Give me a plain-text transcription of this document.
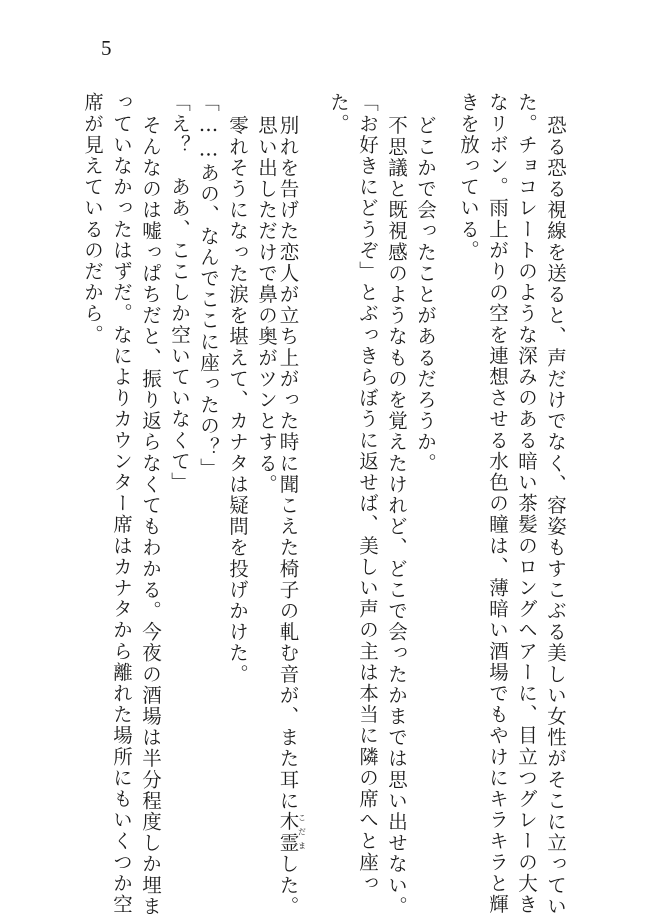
5
恐る恐る視線を送ると、声だけでなく、容姿もすこぶる美しい女性がそこに立ってい
た。チョコレートのような深みのある暗い茶髪のロングヘアーに、目立つグレーの大き
なリボン。雨上がりの空を連想させる水色の瞳は、薄暗い酒場でもやけにキラキラと輝
きを放っている。
どこかで会ったことがあるだろうか。
不思議と既視感のようなものを覚えたけれど、どこで会ったかまでは思い出せない。
「お好きにどうぞ」とぶっきらぼうに返せば、美しい声の主は本当に隣の席へと座っ
た。
別れを告げた恋人が立ち上がった時に聞こえた椅子の軋む音が、また耳に木霊こだました。
思い出しただけで鼻の奥がツンとする。
零れそうになった涙を堪えて、カナタは疑問を投げかけた。
「……あの、なんでここに座ったの？」
「え？　ああ、ここしか空いていなくて」
そんなのは嘘っぱちだと、振り返らなくてもわかる。今夜の酒場は半分程度しか埋ま
っていなかったはずだ。なによりカウンター席はカナタから離れた場所にもいくつか空
席が見えているのだから。
